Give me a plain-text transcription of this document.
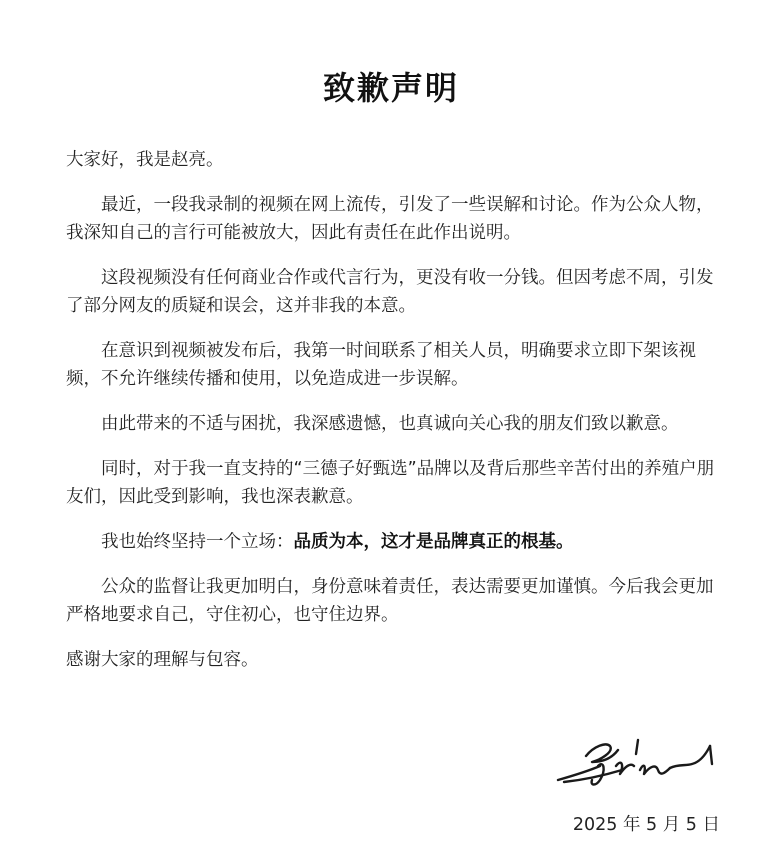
致歉声明

大家好，我是赵亮。

最近，一段我录制的视频在网上流传，引发了一些误解和讨论。作为公众人物，我深知自己的言行可能被放大，因此有责任在此作出说明。

这段视频没有任何商业合作或代言行为，更没有收一分钱。但因考虑不周，引发了部分网友的质疑和误会，这并非我的本意。

在意识到视频被发布后，我第一时间联系了相关人员，明确要求立即下架该视频，不允许继续传播和使用，以免造成进一步误解。

由此带来的不适与困扰，我深感遗憾，也真诚向关心我的朋友们致以歉意。

同时，对于我一直支持的“三德子好甄选”品牌以及背后那些辛苦付出的养殖户朋友们，因此受到影响，我也深表歉意。

我也始终坚持一个立场：品质为本，这才是品牌真正的根基。

公众的监督让我更加明白，身份意味着责任，表达需要更加谨慎。今后我会更加严格地要求自己，守住初心，也守住边界。

感谢大家的理解与包容。

2025 年 5 月 5 日
